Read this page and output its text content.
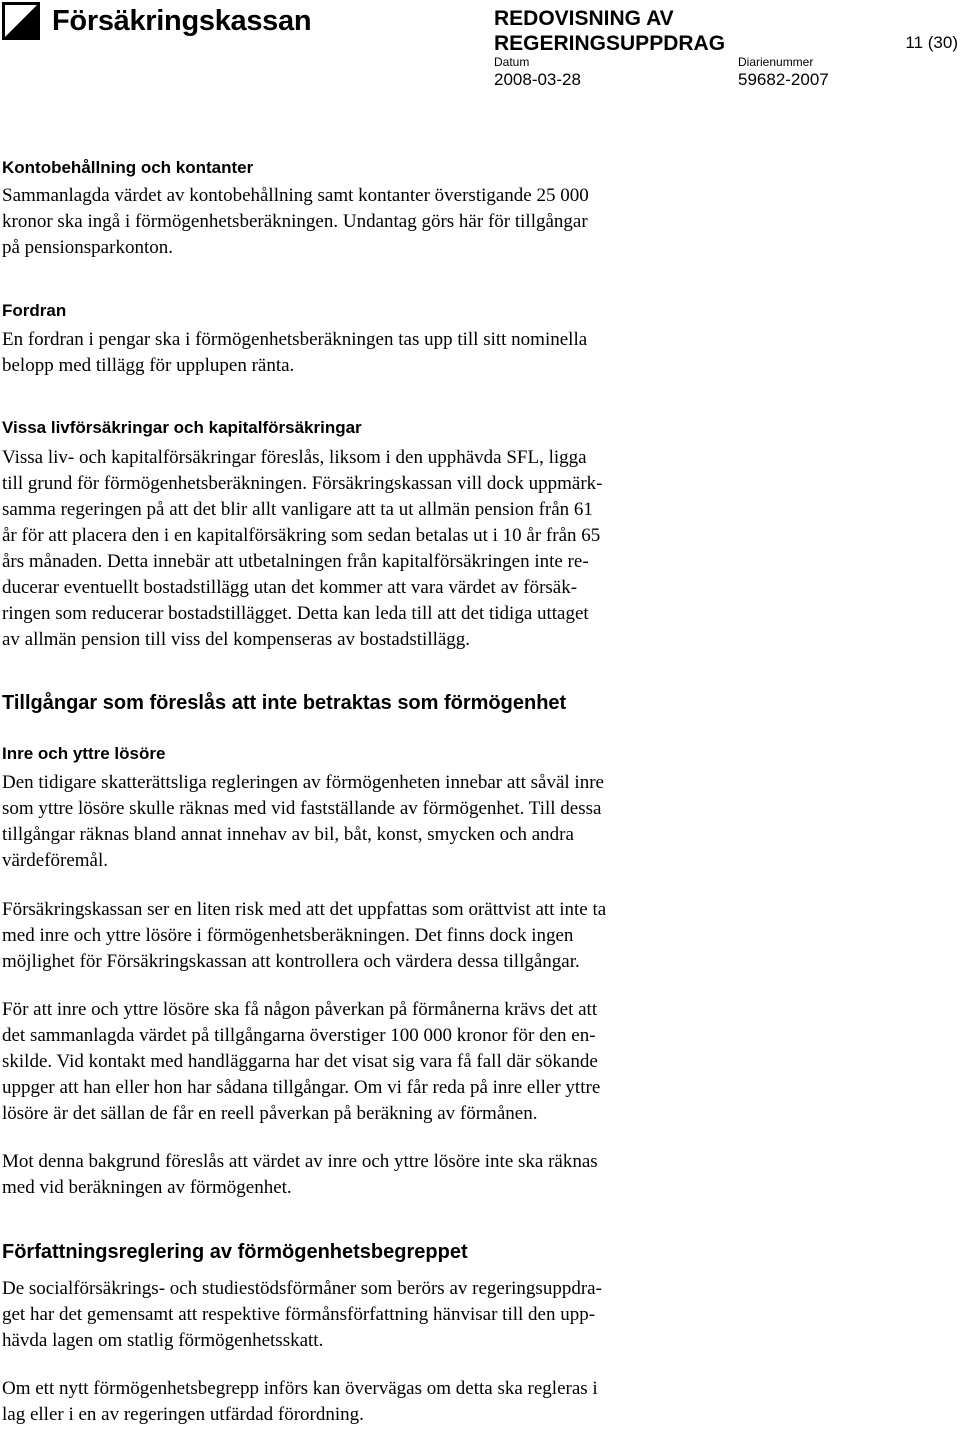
Försäkringskassan	REDOVISNING AV
REGERINGSUPPDRAG	11 (30)
Datum	Diarienummer
2008-03-28	59682-2007
Kontobehållning och kontanter
Sammanlagda värdet av kontobehållning samt kontanter överstigande 25 000
kronor ska ingå i förmögenhetsberäkningen. Undantag görs här för tillgångar
på pensionsparkonton.
Fordran
En fordran i pengar ska i förmögenhetsberäkningen tas upp till sitt nominella
belopp med tillägg för upplupen ränta.
Vissa livförsäkringar och kapitalförsäkringar
Vissa liv- och kapitalförsäkringar föreslås, liksom i den upphävda SFL, ligga
till grund för förmögenhetsberäkningen. Försäkringskassan vill dock uppmärk-
samma regeringen på att det blir allt vanligare att ta ut allmän pension från 61
år för att placera den i en kapitalförsäkring som sedan betalas ut i 10 år från 65
års månaden. Detta innebär att utbetalningen från kapitalförsäkringen inte re-
ducerar eventuellt bostadstillägg utan det kommer att vara värdet av försäk-
ringen som reducerar bostadstillägget. Detta kan leda till att det tidiga uttaget
av allmän pension till viss del kompenseras av bostadstillägg.
Tillgångar som föreslås att inte betraktas som förmögenhet
Inre och yttre lösöre
Den tidigare skatterättsliga regleringen av förmögenheten innebar att såväl inre
som yttre lösöre skulle räknas med vid fastställande av förmögenhet. Till dessa
tillgångar räknas bland annat innehav av bil, båt, konst, smycken och andra
värdeföremål.
Försäkringskassan ser en liten risk med att det uppfattas som orättvist att inte ta
med inre och yttre lösöre i förmögenhetsberäkningen. Det finns dock ingen
möjlighet för Försäkringskassan att kontrollera och värdera dessa tillgångar.
För att inre och yttre lösöre ska få någon påverkan på förmånerna krävs det att
det sammanlagda värdet på tillgångarna överstiger 100 000 kronor för den en-
skilde. Vid kontakt med handläggarna har det visat sig vara få fall där sökande
uppger att han eller hon har sådana tillgångar. Om vi får reda på inre eller yttre
lösöre är det sällan de får en reell påverkan på beräkning av förmånen.
Mot denna bakgrund föreslås att värdet av inre och yttre lösöre inte ska räknas
med vid beräkningen av förmögenhet.
Författningsreglering av förmögenhetsbegreppet
De socialförsäkrings- och studiestödsförmåner som berörs av regeringsuppdra-
get har det gemensamt att respektive förmånsförfattning hänvisar till den upp-
hävda lagen om statlig förmögenhetsskatt.
Om ett nytt förmögenhetsbegrepp införs kan övervägas om detta ska regleras i
lag eller i en av regeringen utfärdad förordning.
